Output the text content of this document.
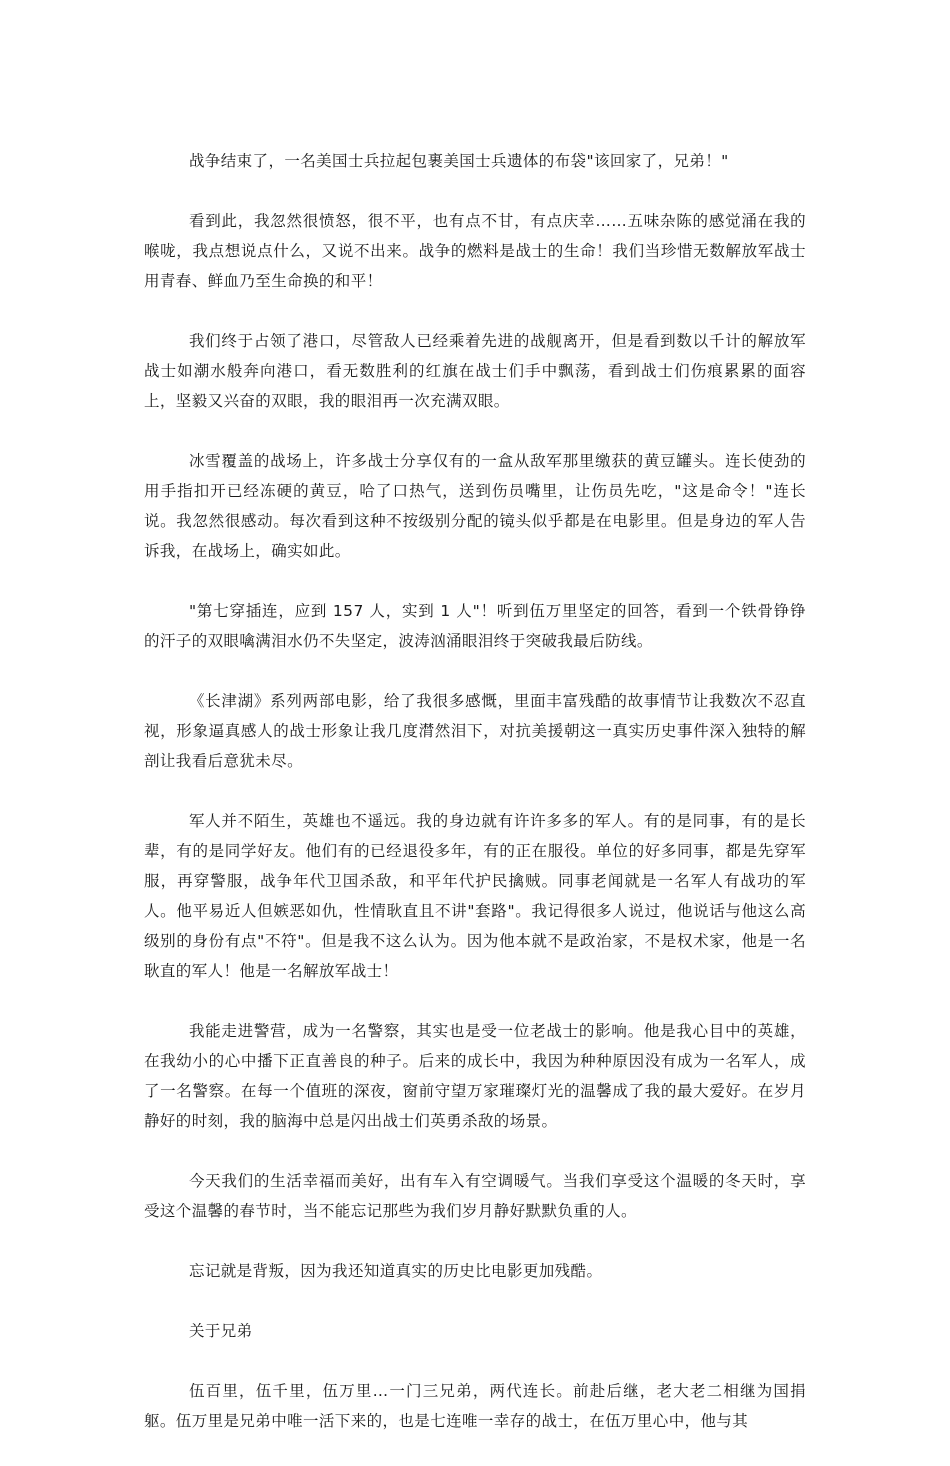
战争结束了，一名美国士兵拉起包裹美国士兵遗体的布袋"该回家了，兄弟！"

看到此，我忽然很愤怒，很不平，也有点不甘，有点庆幸……五味杂陈的感觉涌在我的喉咙，我点想说点什么，又说不出来。战争的燃料是战士的生命！我们当珍惜无数解放军战士用青春、鲜血乃至生命换的和平！

我们终于占领了港口，尽管敌人已经乘着先进的战舰离开，但是看到数以千计的解放军战士如潮水般奔向港口，看无数胜利的红旗在战士们手中飘荡，看到战士们伤痕累累的面容上，坚毅又兴奋的双眼，我的眼泪再一次充满双眼。

冰雪覆盖的战场上，许多战士分享仅有的一盒从敌军那里缴获的黄豆罐头。连长使劲的用手指扣开已经冻硬的黄豆，哈了口热气，送到伤员嘴里，让伤员先吃，"这是命令！"连长说。我忽然很感动。每次看到这种不按级别分配的镜头似乎都是在电影里。但是身边的军人告诉我，在战场上，确实如此。

"第七穿插连，应到 157 人，实到 1 人"！听到伍万里坚定的回答，看到一个铁骨铮铮的汗子的双眼噙满泪水仍不失坚定，波涛汹涌眼泪终于突破我最后防线。

《长津湖》系列两部电影，给了我很多感慨，里面丰富残酷的故事情节让我数次不忍直视，形象逼真感人的战士形象让我几度潸然泪下，对抗美援朝这一真实历史事件深入独特的解剖让我看后意犹未尽。

军人并不陌生，英雄也不遥远。我的身边就有许许多多的军人。有的是同事，有的是长辈，有的是同学好友。他们有的已经退役多年，有的正在服役。单位的好多同事，都是先穿军服，再穿警服，战争年代卫国杀敌，和平年代护民擒贼。同事老闻就是一名军人有战功的军人。他平易近人但嫉恶如仇，性情耿直且不讲"套路"。我记得很多人说过，他说话与他这么高级别的身份有点"不符"。但是我不这么认为。因为他本就不是政治家，不是权术家，他是一名耿直的军人！他是一名解放军战士！

我能走进警营，成为一名警察，其实也是受一位老战士的影响。他是我心目中的英雄，在我幼小的心中播下正直善良的种子。后来的成长中，我因为种种原因没有成为一名军人，成了一名警察。在每一个值班的深夜，窗前守望万家璀璨灯光的温馨成了我的最大爱好。在岁月静好的时刻，我的脑海中总是闪出战士们英勇杀敌的场景。

今天我们的生活幸福而美好，出有车入有空调暖气。当我们享受这个温暖的冬天时，享受这个温馨的春节时，当不能忘记那些为我们岁月静好默默负重的人。

忘记就是背叛，因为我还知道真实的历史比电影更加残酷。

关于兄弟

伍百里，伍千里，伍万里…一门三兄弟，两代连长。前赴后继，老大老二相继为国捐躯。伍万里是兄弟中唯一活下来的，也是七连唯一幸存的战士，在伍万里心中，他与其
